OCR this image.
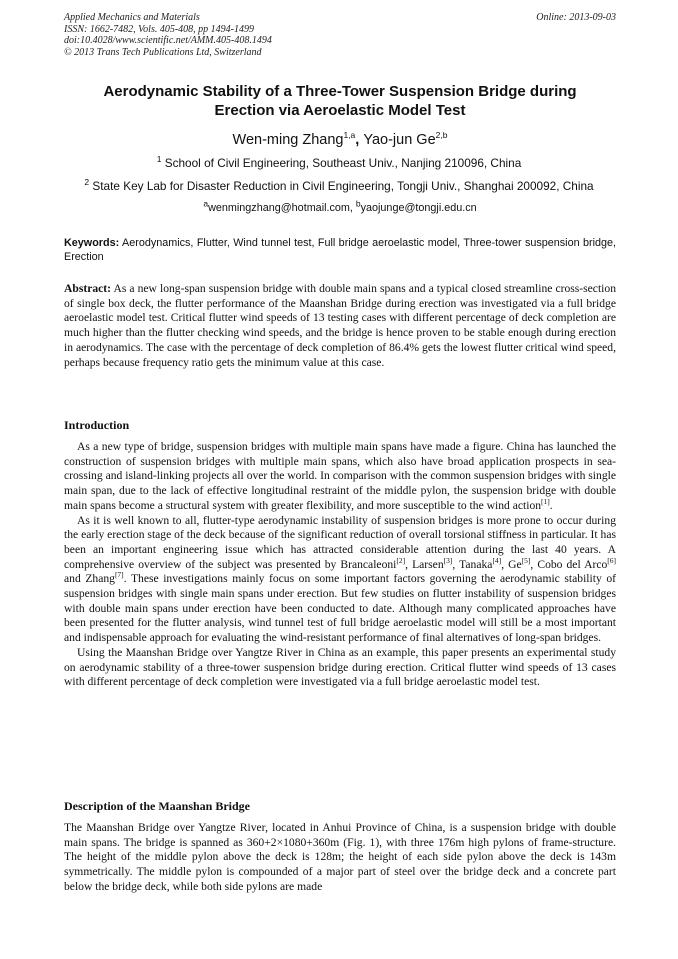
Applied Mechanics and Materials
ISSN: 1662-7482, Vols. 405-408, pp 1494-1499
doi:10.4028/www.scientific.net/AMM.405-408.1494
© 2013 Trans Tech Publications Ltd, Switzerland
Online: 2013-09-03
Aerodynamic Stability of a Three-Tower Suspension Bridge during
Erection via Aeroelastic Model Test
Wen-ming Zhang$^{1,a}$, Yao-jun Ge$^{2,b}$
$^1$ School of Civil Engineering, Southeast Univ., Nanjing 210096, China
$^2$ State Key Lab for Disaster Reduction in Civil Engineering, Tongji Univ., Shanghai 200092, China
$^a$wenmingzhang@hotmail.com, $^b$yaojunge@tongji.edu.cn
Keywords: Aerodynamics, Flutter, Wind tunnel test, Full bridge aeroelastic model, Three-tower suspension bridge, Erection
Abstract: As a new long-span suspension bridge with double main spans and a typical closed streamline cross-section of single box deck, the flutter performance of the Maanshan Bridge during erection was investigated via a full bridge aeroelastic model test. Critical flutter wind speeds of 13 testing cases with different percentage of deck completion are much higher than the flutter checking wind speeds, and the bridge is hence proven to be stable enough during erection in aerodynamics. The case with the percentage of deck completion of 86.4% gets the lowest flutter critical wind speed, perhaps because frequency ratio gets the minimum value at this case.
Introduction

As a new type of bridge, suspension bridges with multiple main spans have made a figure. China has launched the construction of suspension bridges with multiple main spans, which also have broad application prospects in sea-crossing and island-linking projects all over the world. In comparison with the common suspension bridges with single main span, due to the lack of effective longitudinal restraint of the middle pylon, the suspension bridge with double main spans become a structural system with greater flexibility, and more susceptible to the wind action[1].

As it is well known to all, flutter-type aerodynamic instability of suspension bridges is more prone to occur during the early erection stage of the deck because of the significant reduction of overall torsional stiffness in particular. It has been an important engineering issue which has attracted considerable attention during the last 40 years. A comprehensive overview of the subject was presented by Brancaleoni[2], Larsen[3], Tanaka[4], Ge[5], Cobo del Arco[6] and Zhang[7]. These investigations mainly focus on some important factors governing the aerodynamic stability of suspension bridges with single main spans under erection. But few studies on flutter instability of suspension bridges with double main spans under erection have been conducted to date. Although many complicated approaches have been presented for the flutter analysis, wind tunnel test of full bridge aeroelastic model will still be a most important and indispensable approach for evaluating the wind-resistant performance of final alternatives of long-span bridges.

Using the Maanshan Bridge over Yangtze River in China as an example, this paper presents an experimental study on aerodynamic stability of a three-tower suspension bridge during erection. Critical flutter wind speeds of 13 cases with different percentage of deck completion were investigated via a full bridge aeroelastic model test.

Description of the Maanshan Bridge

The Maanshan Bridge over Yangtze River, located in Anhui Province of China, is a suspension bridge with double main spans. The bridge is spanned as 360+2×1080+360m (Fig. 1), with three 176m high pylons of frame-structure. The height of the middle pylon above the deck is 128m; the height of each side pylon above the deck is 143m symmetrically. The middle pylon is compounded of a major part of steel over the bridge deck and a concrete part below the bridge deck, while both side pylons are made
